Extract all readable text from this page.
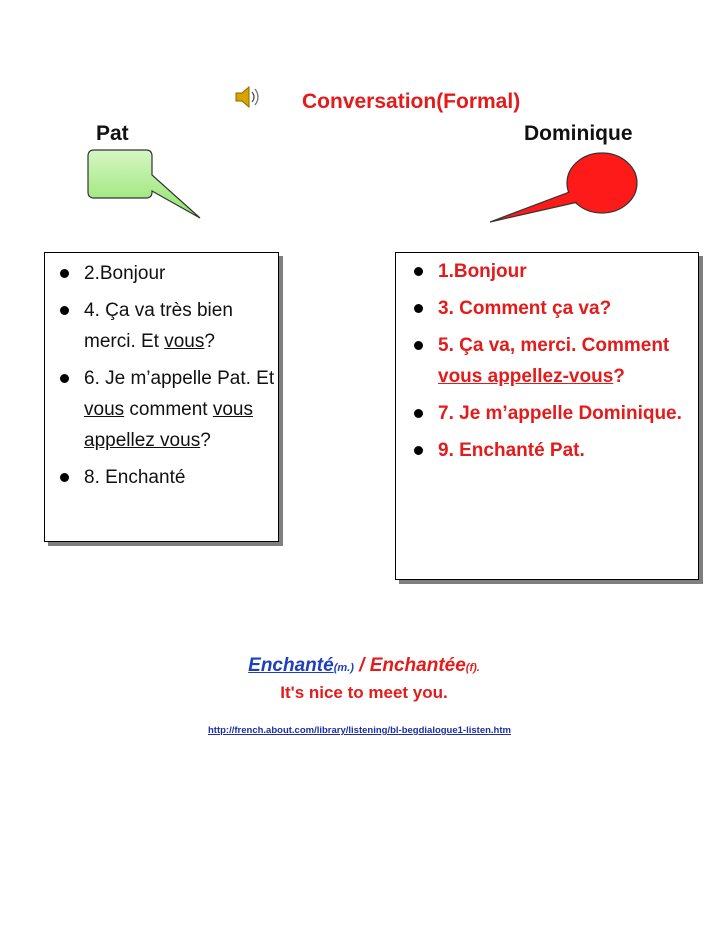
Conversation(Formal)
Pat	Dominique
2.Bonjour
4. Ça va très bien merci. Et vous?
6. Je m’appelle Pat. Et vous comment vous appellez vous?
8. Enchanté
1.Bonjour
3. Comment ça va?
5. Ça va, merci. Comment vous appellez-vous?
7. Je m’appelle Dominique.
9. Enchanté Pat.
Enchanté(m.) / Enchantée(f).
It's nice to meet you.
http://french.about.com/library/listening/bl-begdialogue1-listen.htm
